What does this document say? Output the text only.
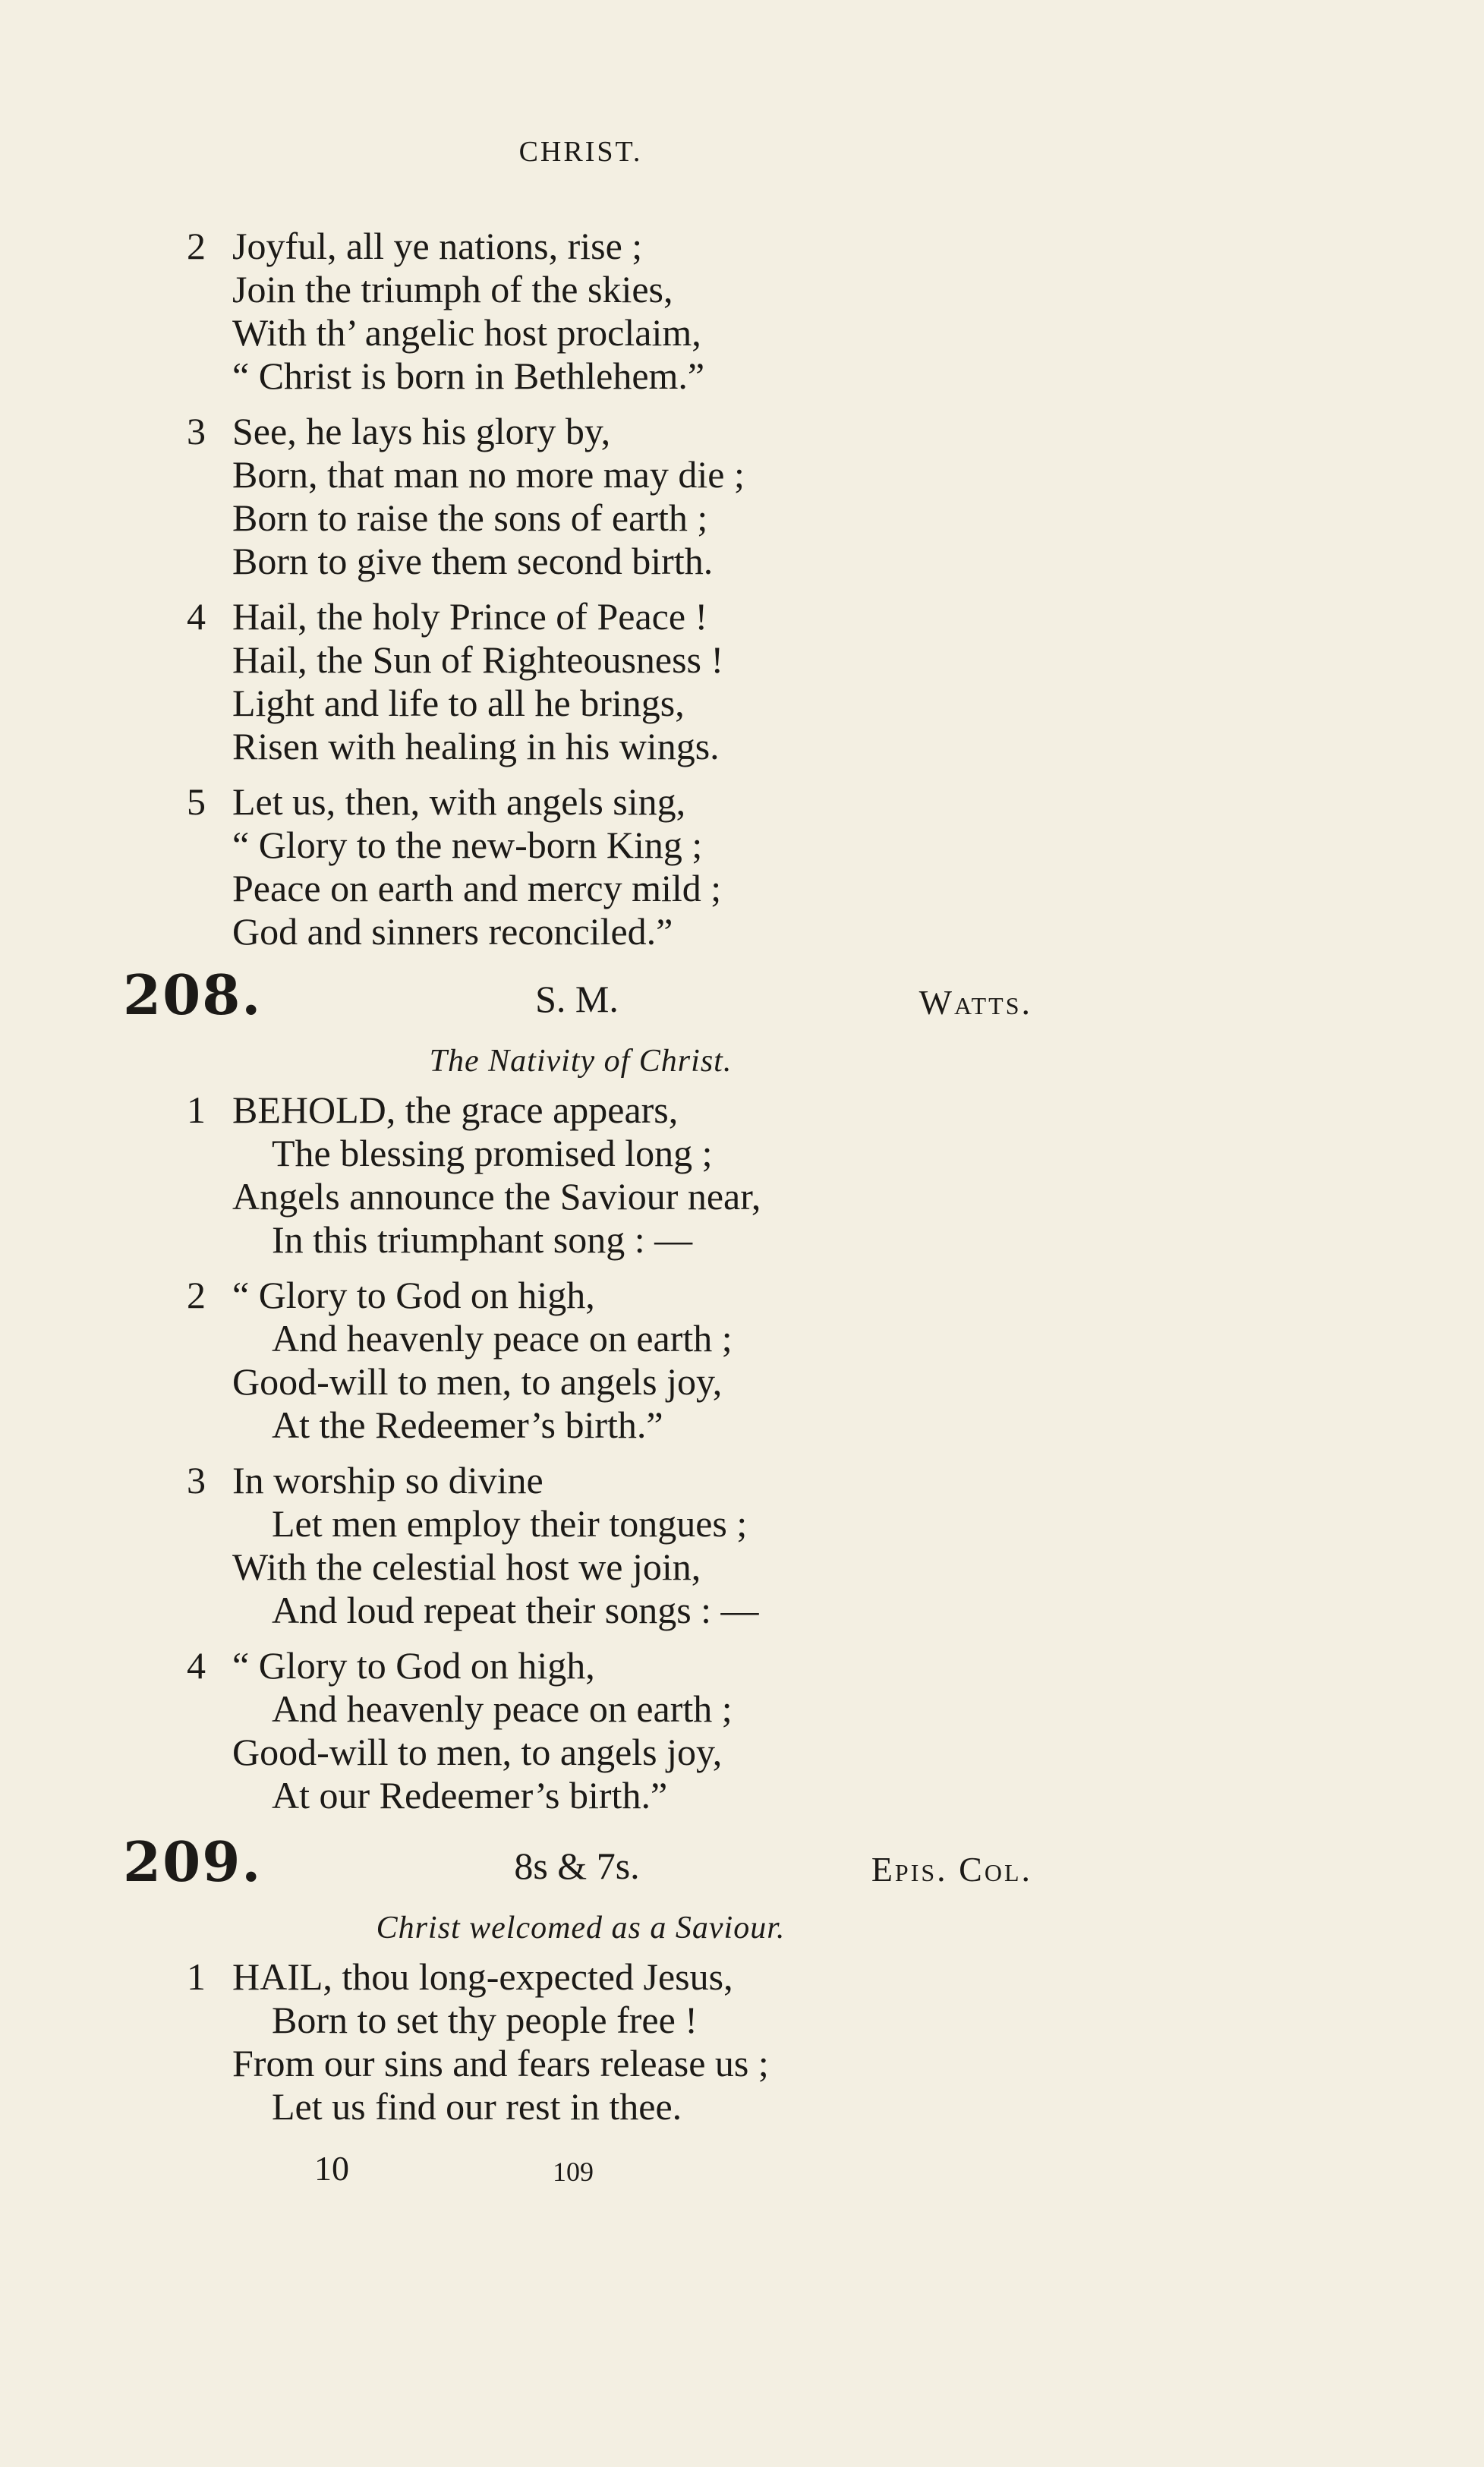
CHRIST.
2 Joyful, all ye nations, rise ;
Join the triumph of the skies,
With th’ angelic host proclaim,
“ Christ is born in Bethlehem.”
3 See, he lays his glory by,
Born, that man no more may die ;
Born to raise the sons of earth ;
Born to give them second birth.
4 Hail, the holy Prince of Peace !
Hail, the Sun of Righteousness !
Light and life to all he brings,
Risen with healing in his wings.
5 Let us, then, with angels sing,
“ Glory to the new-born King ;
Peace on earth and mercy mild ;
God and sinners reconciled.”
208.	S. M.	Watts.
The Nativity of Christ.
1 BEHOLD, the grace appears,
The blessing promised long ;
Angels announce the Saviour near,
In this triumphant song : —
2 “ Glory to God on high,
And heavenly peace on earth ;
Good-will to men, to angels joy,
At the Redeemer’s birth.”
3 In worship so divine
Let men employ their tongues ;
With the celestial host we join,
And loud repeat their songs : —
4 “ Glory to God on high,
And heavenly peace on earth ;
Good-will to men, to angels joy,
At our Redeemer’s birth.”
209.	8s & 7s.	Epis. Col.
Christ welcomed as a Saviour.
1 HAIL, thou long-expected Jesus,
Born to set thy people free !
From our sins and fears release us ;
Let us find our rest in thee.
10	109
